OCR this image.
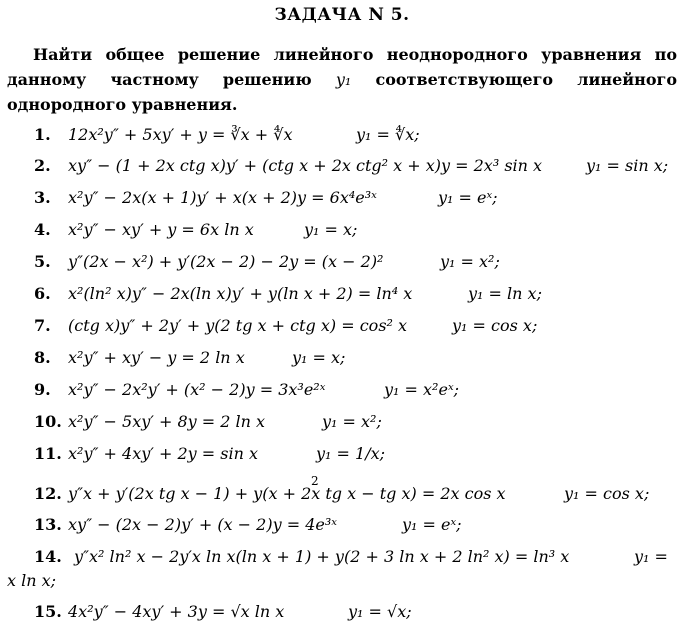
ЗАДАЧА N 5.
Найти общее решение линейного неоднородного уравнения по данному частному решению y₁ соответствующего линейного однородного уравнения.
1. 12x²y″ + 5xy′ + y = ∛x + ∜x	y₁ = ∜x;
2. xy″ − (1 + 2x ctg x)y′ + (ctg x + 2x ctg² x + x)y = 2x³ sin x	y₁ = sin x;
3. x²y″ − 2x(x + 1)y′ + x(x + 2)y = 6x⁴e³ˣ	y₁ = eˣ;
4. x²y″ − xy′ + y = 6x ln x	y₁ = x;
5. y″(2x − x²) + y′(2x − 2) − 2y = (x − 2)²	y₁ = x²;
6. x²(ln² x)y″ − 2x(ln x)y′ + y(ln x + 2) = ln⁴ x	y₁ = ln x;
7. (ctg x)y″ + 2y′ + y(2 tg x + ctg x) = cos² x	y₁ = cos x;
8. x²y″ + xy′ − y = 2 ln x	y₁ = x;
9. x²y″ − 2x²y′ + (x² − 2)y = 3x³e²ˣ	y₁ = x²eˣ;
10. x²y″ − 5xy′ + 8y = 2 ln x	y₁ = x²;
11. x²y″ + 4xy′ + 2y = sin x	y₁ = 1/x;
2
12. y″x + y′(2x tg x − 1) + y(x + 2x tg x − tg x) = 2x cos x	y₁ = cos x;
13. xy″ − (2x − 2)y′ + (x − 2)y = 4e³ˣ	y₁ = eˣ;
14. y″x² ln² x − 2y′x ln x(ln x + 1) + y(2 + 3 ln x + 2 ln² x) = ln³ x	y₁ =
x ln x;
15. 4x²y″ − 4xy′ + 3y = √x ln x	y₁ = √x;
